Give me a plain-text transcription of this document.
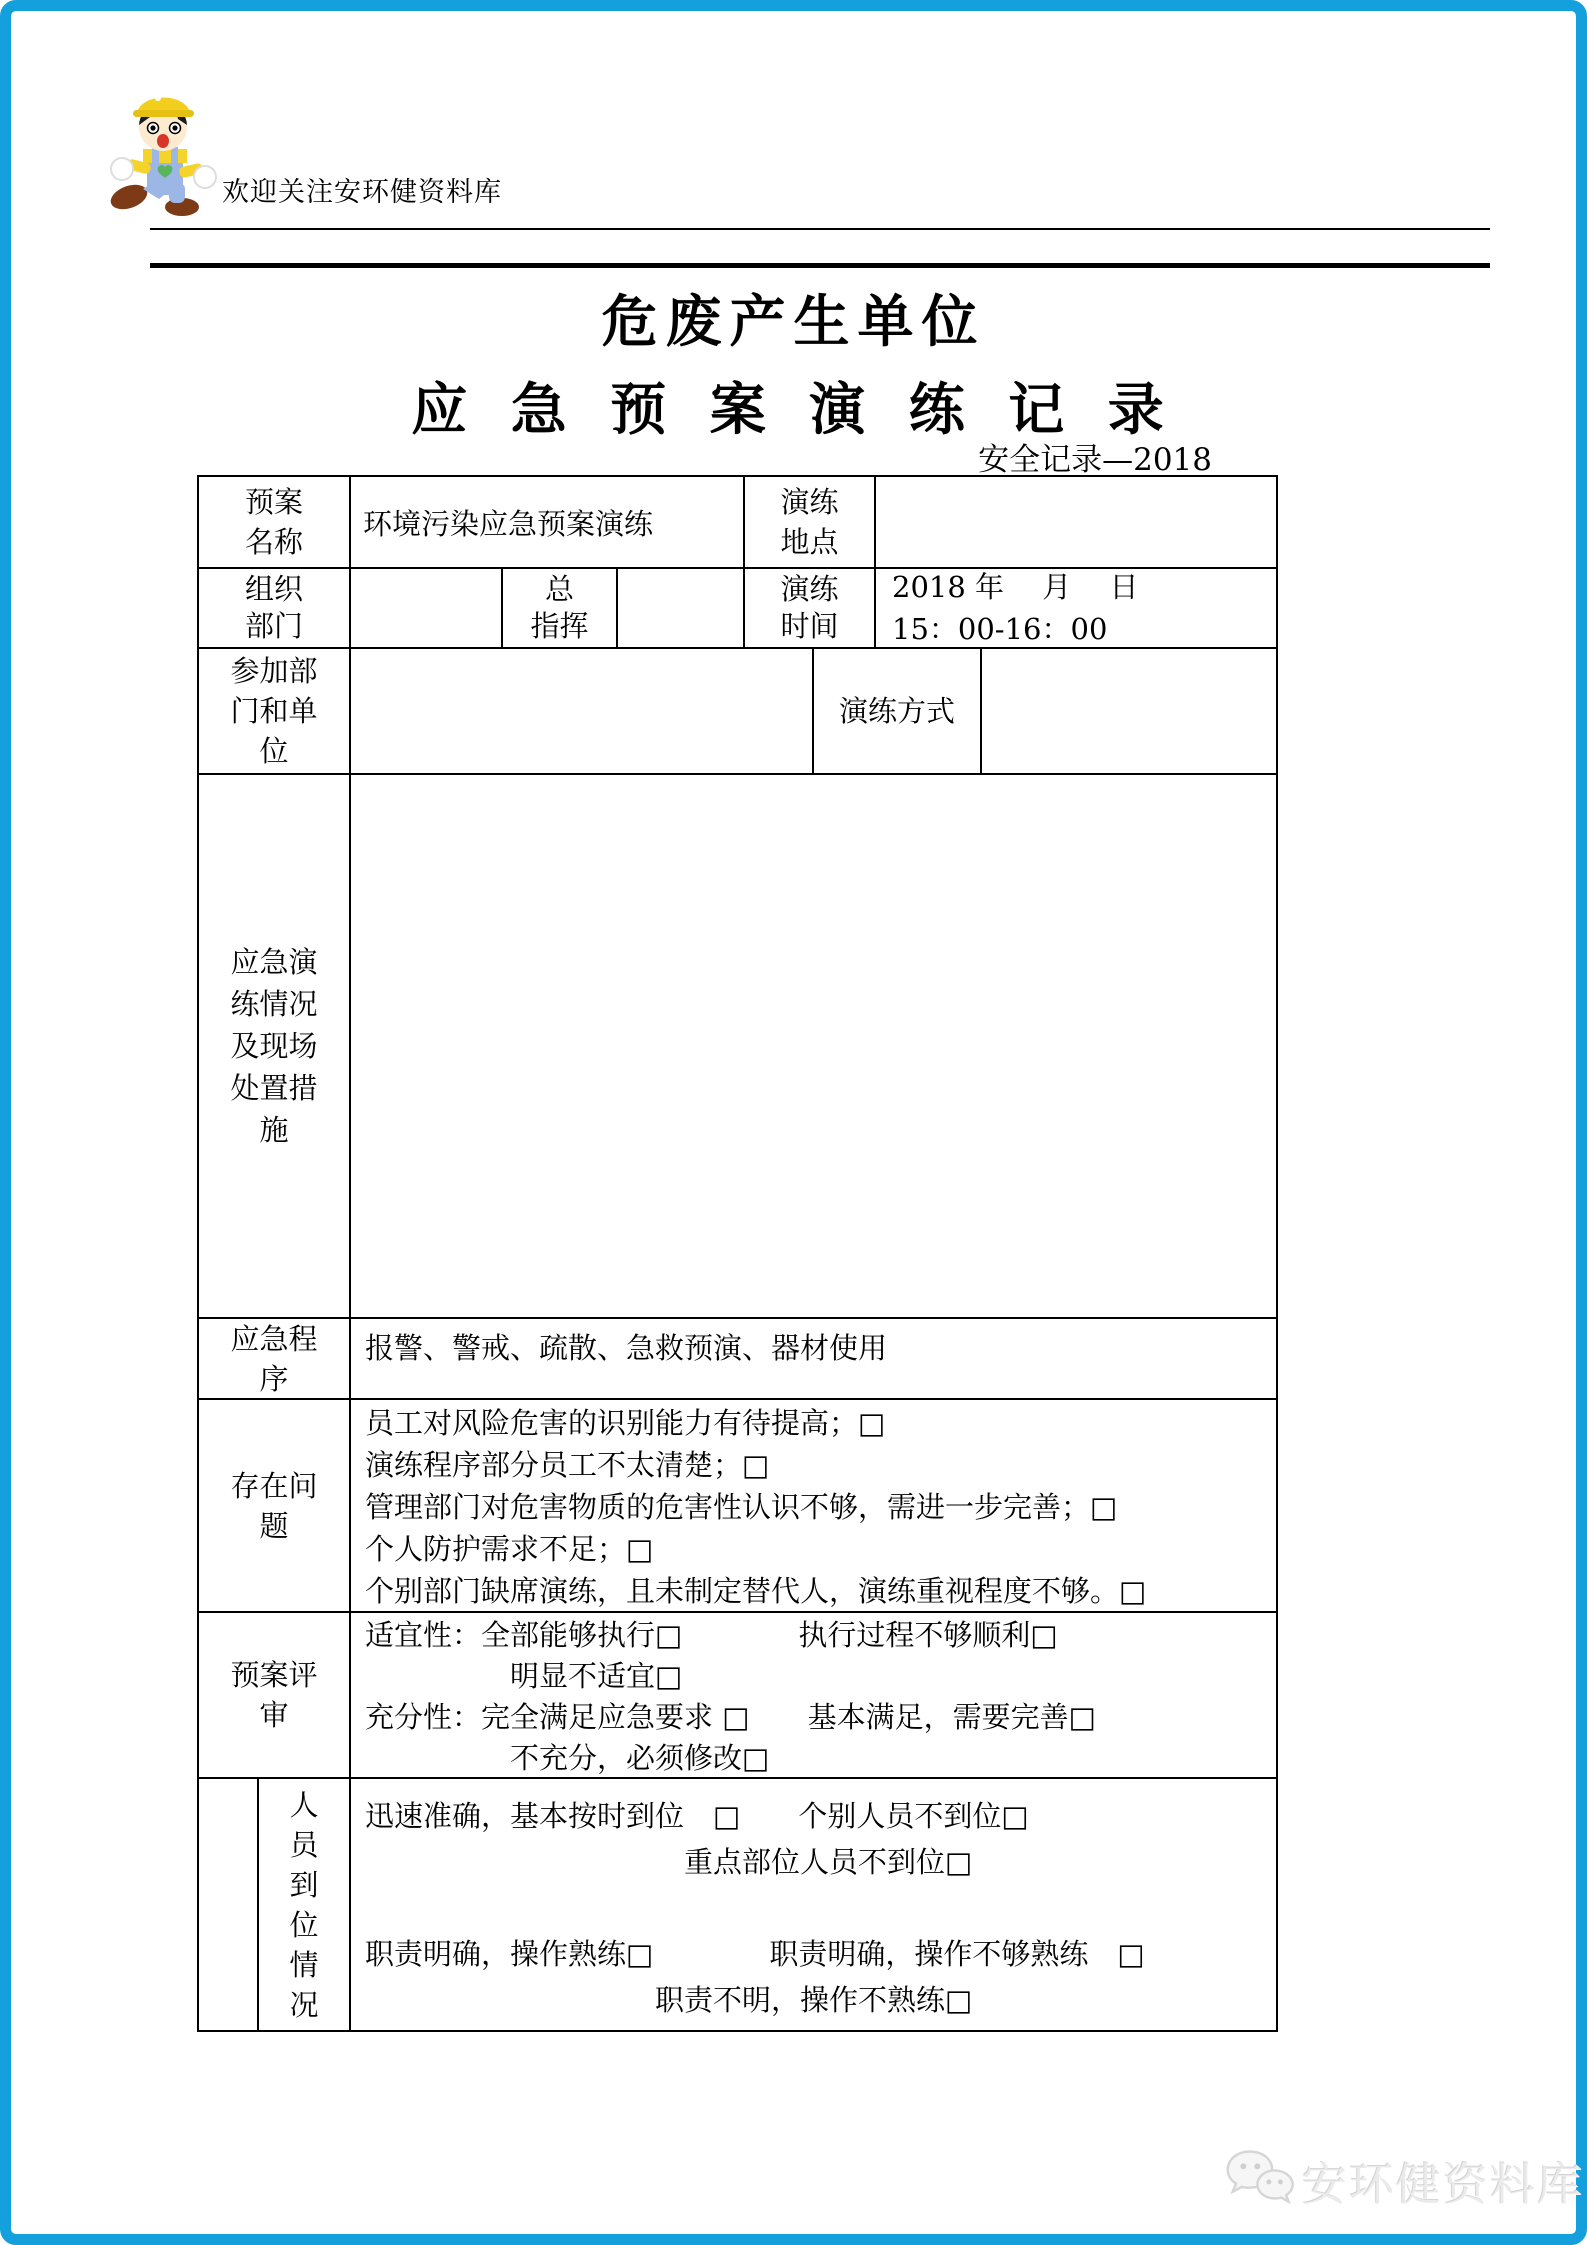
欢迎关注安环健资料库
危废产生单位
应 急 预 案 演 练 记 录
安全记录—2018
预案
名称
环境污染应急预案演练
演练
地点
组织
部门
总
指挥
演练
时间
2018 年　 月　 日
15：00-16：00
参加部
门和单
位
演练方式
应急演
练情况
及现场
处置措
施
应急程
序
报警、警戒、疏散、急救预演、器材使用
存在问
题
员工对风险危害的识别能力有待提高；□
演练程序部分员工不太清楚；□
管理部门对危害物质的危害性认识不够，需进一步完善；□
个人防护需求不足；□
个别部门缺席演练，且未制定替代人，演练重视程度不够。□
预案评
审
适宜性：全部能够执行□　　　　执行过程不够顺利□
　　　　　明显不适宜□
充分性：完全满足应急要求 □　　基本满足，需要完善□
　　　　　不充分，必须修改□
人
员
到
位
情
况
迅速准确，基本按时到位　□　　个别人员不到位□
　　　　　　　　　　　重点部位人员不到位□

职责明确，操作熟练□　　　　职责明确，操作不够熟练　□
　　　　　　　　　　职责不明，操作不熟练□
安环健资料库
